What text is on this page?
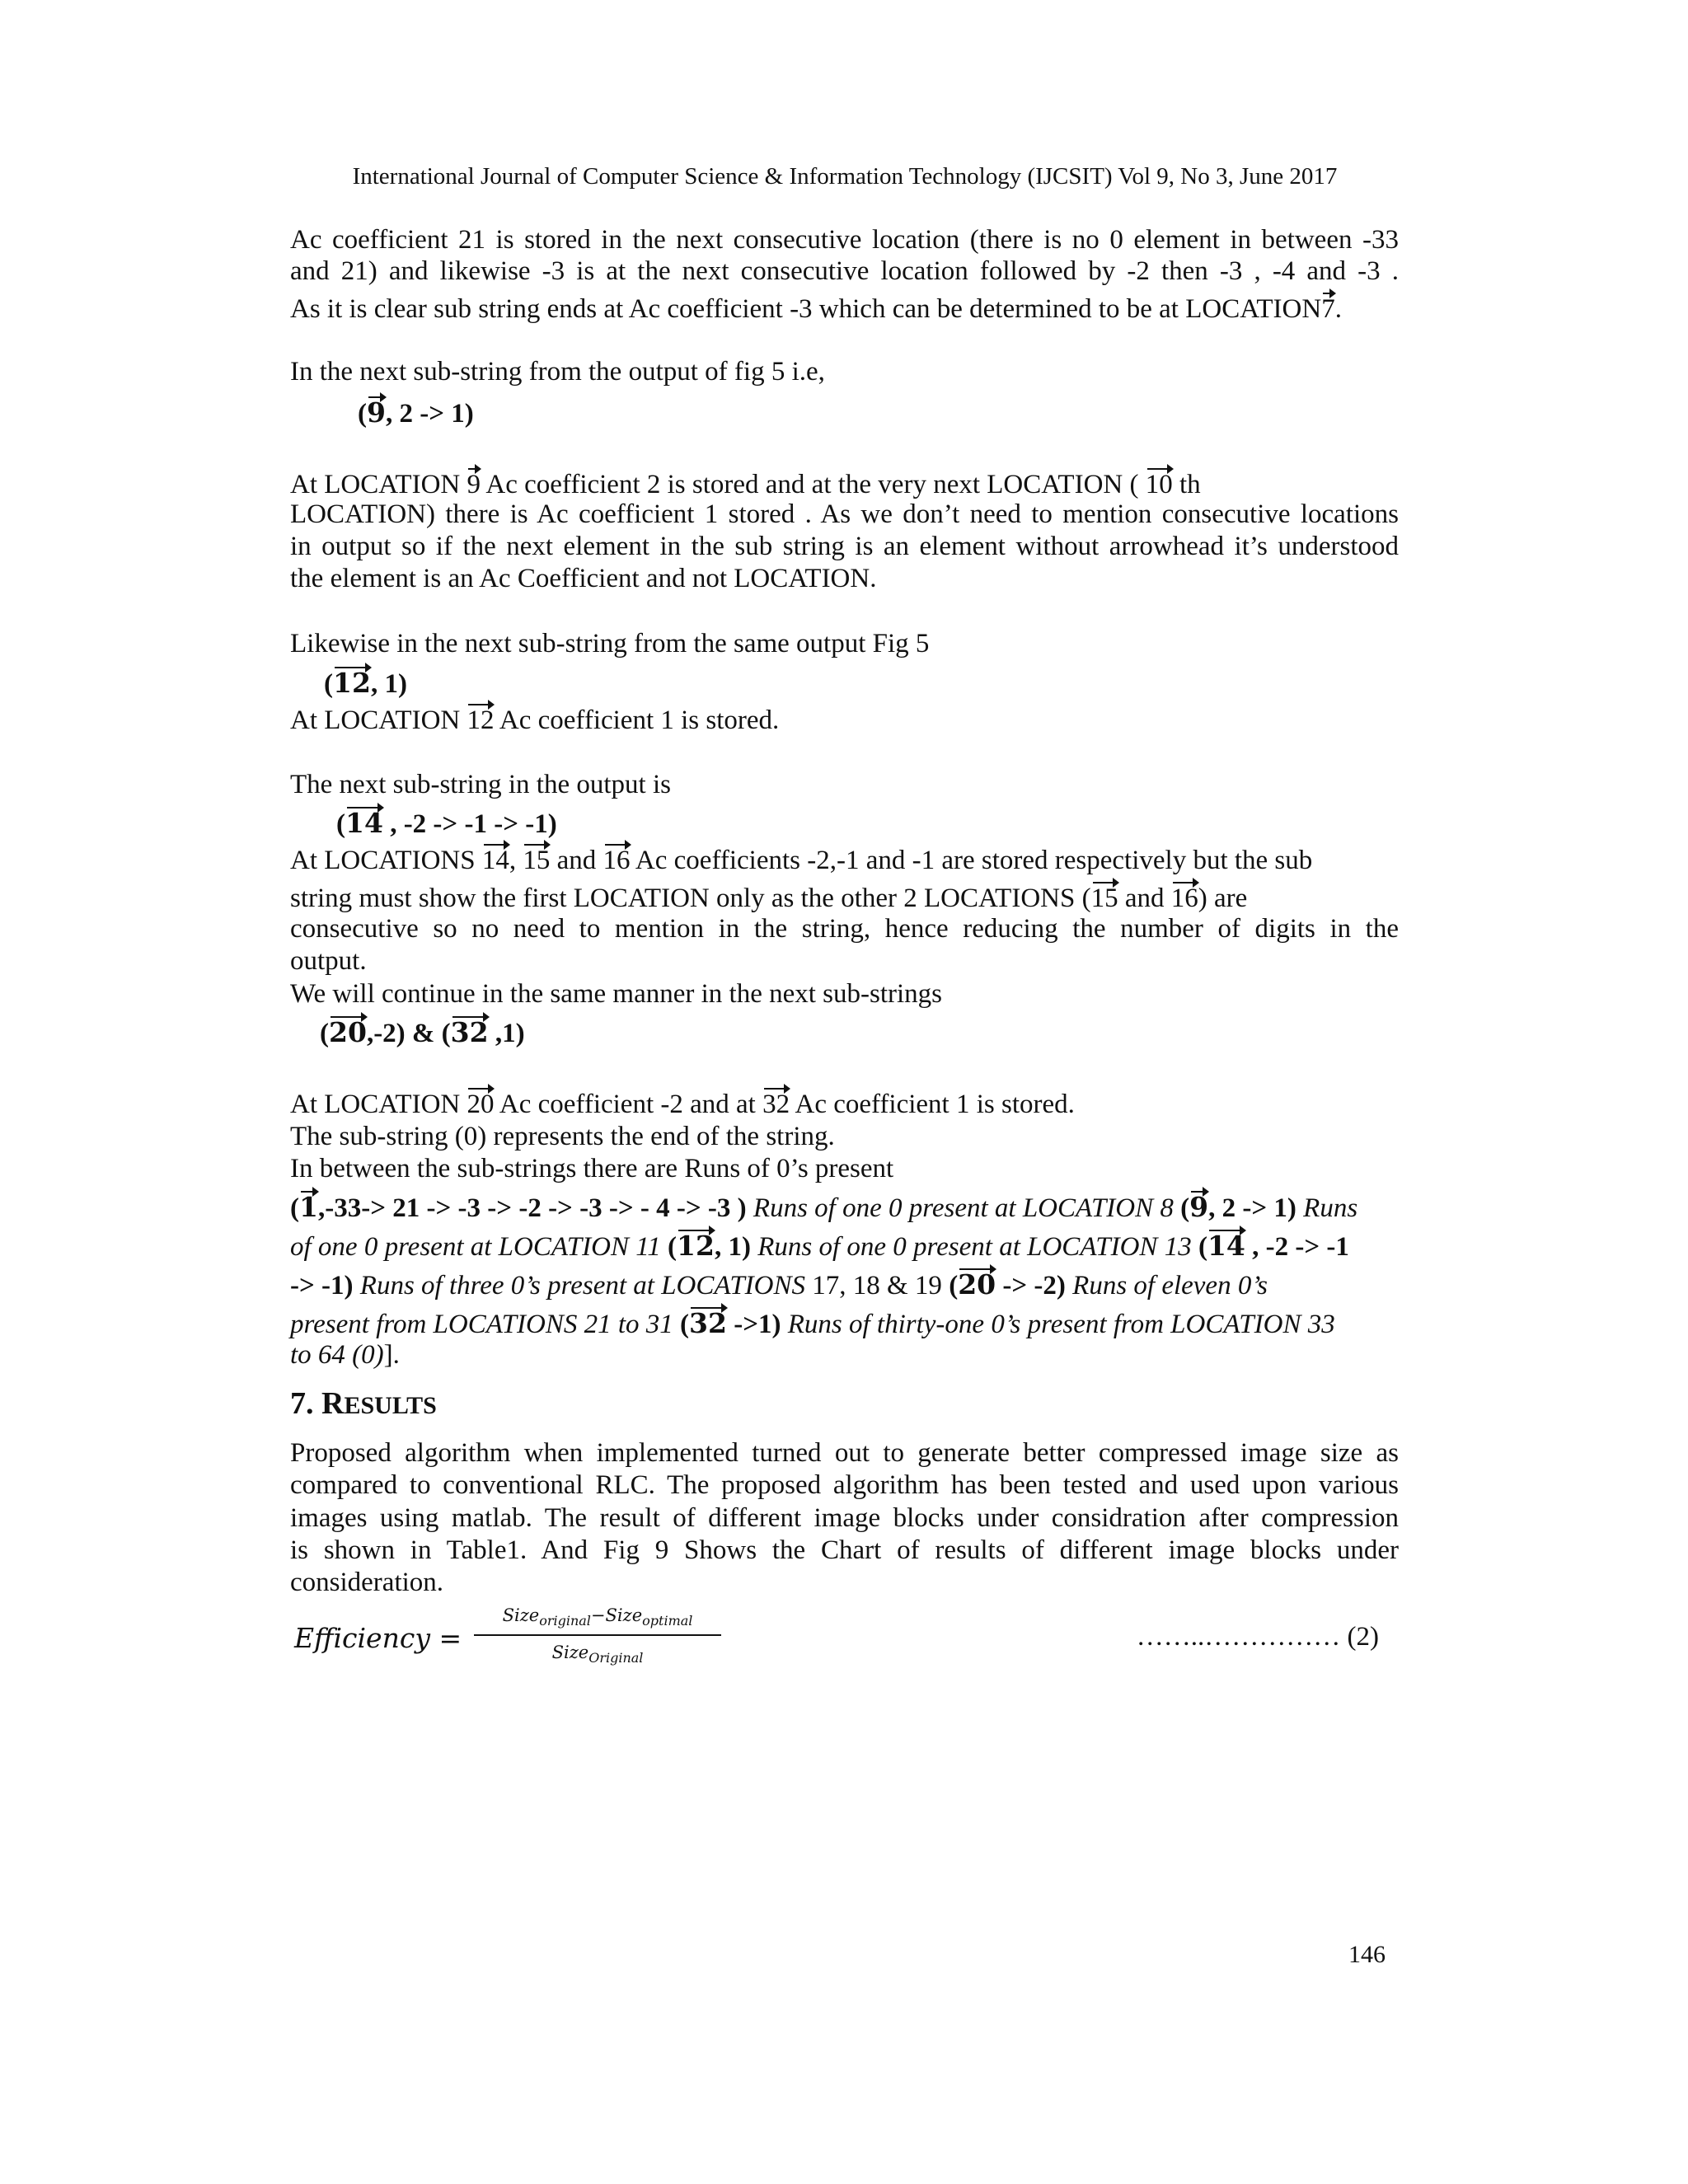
International Journal of Computer Science & Information Technology (IJCSIT) Vol 9, No 3, June 2017

Ac coefficient 21 is stored in the next consecutive location (there is no 0 element in between -33

and 21) and likewise -3 is at the next consecutive location followed by -2 then -3 , -4 and -3 .

As it is clear sub string ends at Ac coefficient -3 which can be determined to be at LOCATION7.

In the next sub-string from the output of fig 5 i.e,

(9, 2 -> 1)

At LOCATION 9 Ac coefficient 2 is stored and at the very next LOCATION ( 10 th

LOCATION) there is Ac coefficient 1 stored . As we don’t need to mention consecutive locations

in output so if the next element in the sub string is an element without arrowhead it’s understood

the element is an Ac Coefficient and not LOCATION.

Likewise in the next sub-string from the same output Fig 5

(12, 1)

At LOCATION 12 Ac coefficient 1 is stored.

The next sub-string in the output is

(14 , -2 -> -1 -> -1)

At LOCATIONS 14, 15 and 16 Ac coefficients -2,-1 and -1 are stored respectively but the sub

string must show the first LOCATION only as the other 2 LOCATIONS (15 and 16) are

consecutive so no need to mention in the string, hence reducing the number of digits in the

output.

We will continue in the same manner in the next sub-strings

(20,-2) & (32 ,1)

At LOCATION 20 Ac coefficient -2 and at 32 Ac coefficient 1 is stored.

The sub-string (0) represents the end of the string.

In between the sub-strings there are Runs of 0’s present

(1,-33-> 21 -> -3 -> -2 -> -3 -> - 4 -> -3 ) Runs of one 0 present at LOCATION 8 (9, 2 -> 1) Runs

of one 0 present at LOCATION 11 (12, 1) Runs of one 0 present at LOCATION 13 (14 , -2 -> -1

-> -1) Runs of three 0’s present at LOCATIONS 17, 18 & 19 (20 -> -2) Runs of eleven 0’s

present from LOCATIONS 21 to 31 (32 ->1) Runs of thirty-one 0’s present from LOCATION 33

to 64 (0)].

7. RESULTS

Proposed algorithm when implemented turned out to generate better compressed image size as

compared to conventional RLC. The proposed algorithm has been tested and used upon various

images using matlab. The result of different image blocks under considration after compression

is shown in Table1. And Fig 9 Shows the Chart of results of different image blocks under

consideration.

Efficiency =
Size$_{original}$−Size$_{optimal}$
Size$_{Original}$
……..…………… (2)
146
